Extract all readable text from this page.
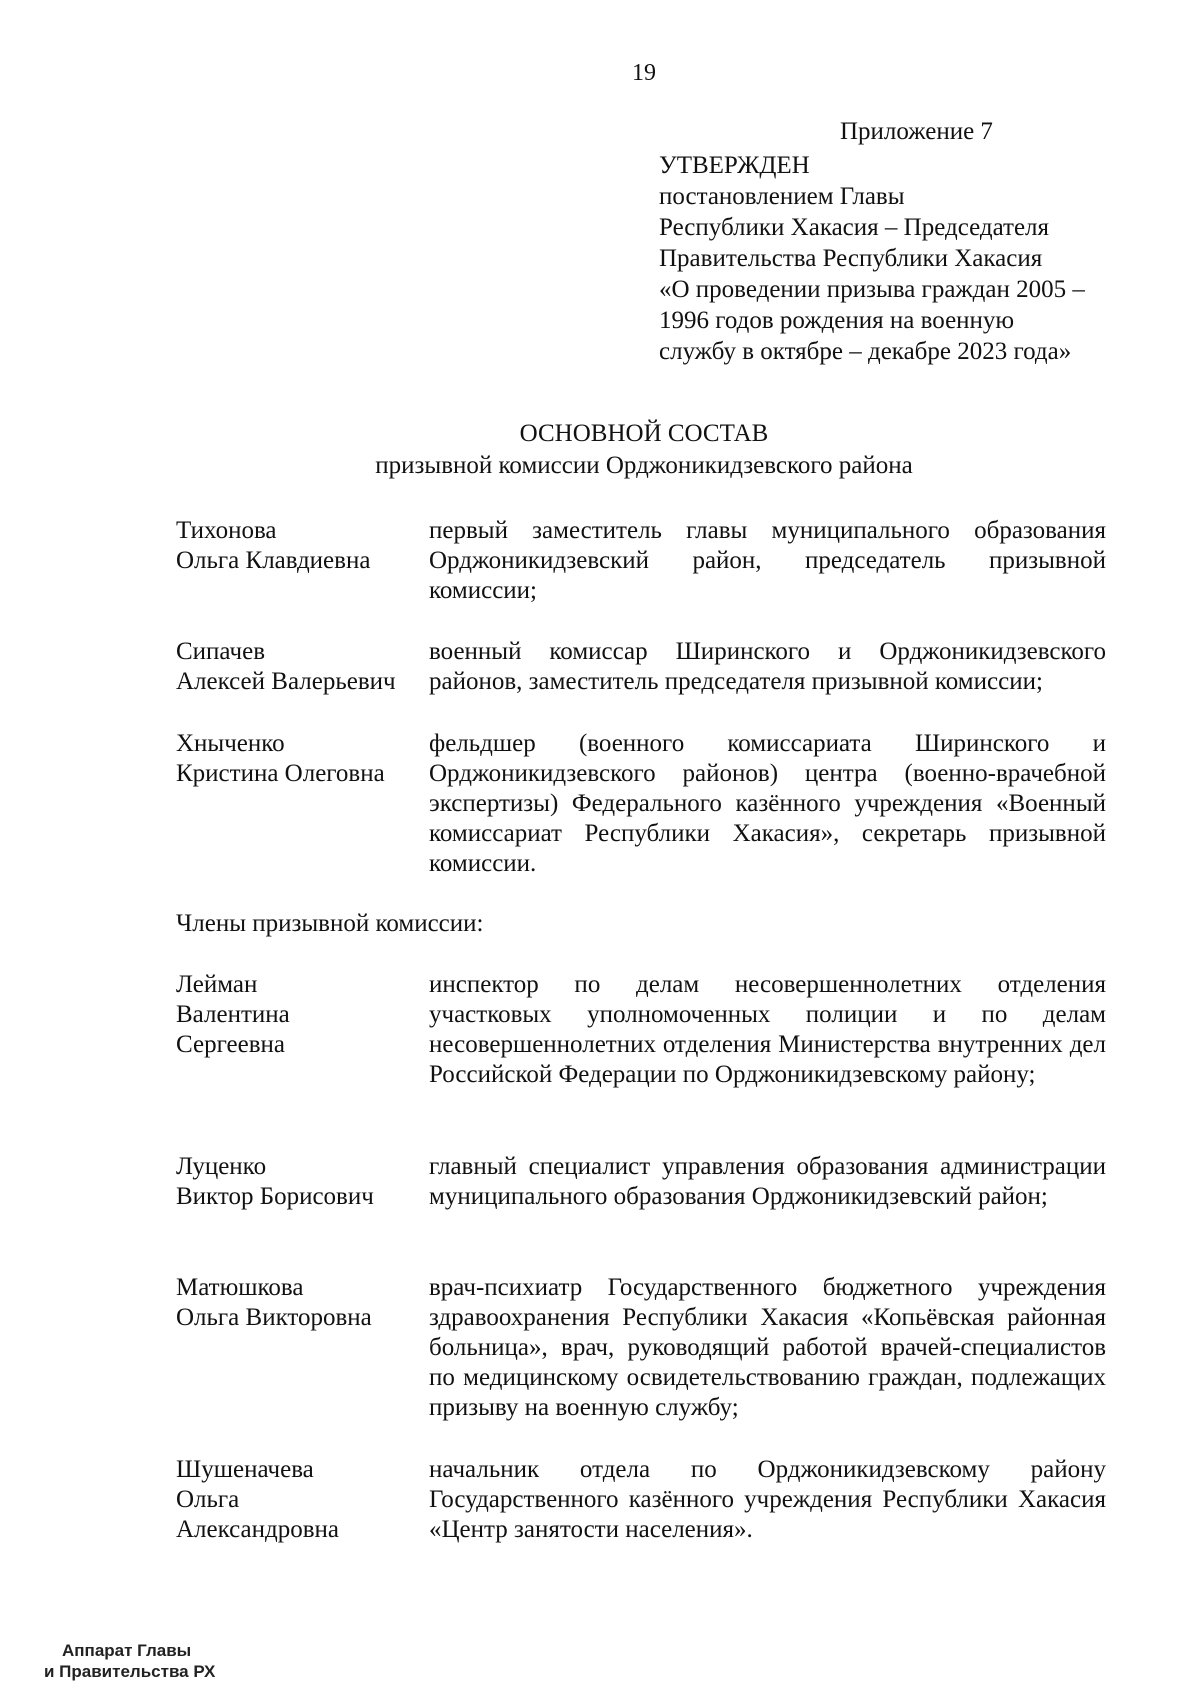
19
Приложение 7
УТВЕРЖДЕН
постановлением Главы
Республики Хакасия – Председателя
Правительства Республики Хакасия
«О проведении призыва граждан 2005 –
1996 годов рождения на военную
службу в октябре – декабре 2023 года»
ОСНОВНОЙ СОСТАВ
призывной комиссии Орджоникидзевского района
Тихонова
Ольга Клавдиевна
первый заместитель главы муниципального образования Орджоникидзевский район, председатель призывной комиссии;
Сипачев
Алексей Валерьевич
военный комиссар Ширинского и Орджоникидзевского районов, заместитель председателя призывной комиссии;
Хныченко
Кристина Олеговна
фельдшер (военного комиссариата Ширинского и Орджоникидзевского районов) центра (военно-врачебной экспертизы) Федерального казённого учреждения «Военный комиссариат Республики Хакасия», секретарь призывной комиссии.
Члены призывной комиссии:
Лейман
Валентина
Сергеевна
инспектор по делам несовершеннолетних отделения участковых уполномоченных полиции и по делам несовершеннолетних отделения Министерства внутренних дел Российской Федерации по Орджоникидзевскому району;
Луценко
Виктор Борисович
главный специалист управления образования администрации муниципального образования Орджоникидзевский район;
Матюшкова
Ольга Викторовна
врач-психиатр Государственного бюджетного учреждения здравоохранения Республики Хакасия «Копьёвская районная больница», врач, руководящий работой врачей-специалистов по медицинскому освидетельствованию граждан, подлежащих призыву на военную службу;
Шушеначева
Ольга
Александровна
начальник отдела по Орджоникидзевскому району Государственного казённого учреждения Республики Хакасия «Центр занятости населения».
Аппарат Главы
и Правительства РХ
